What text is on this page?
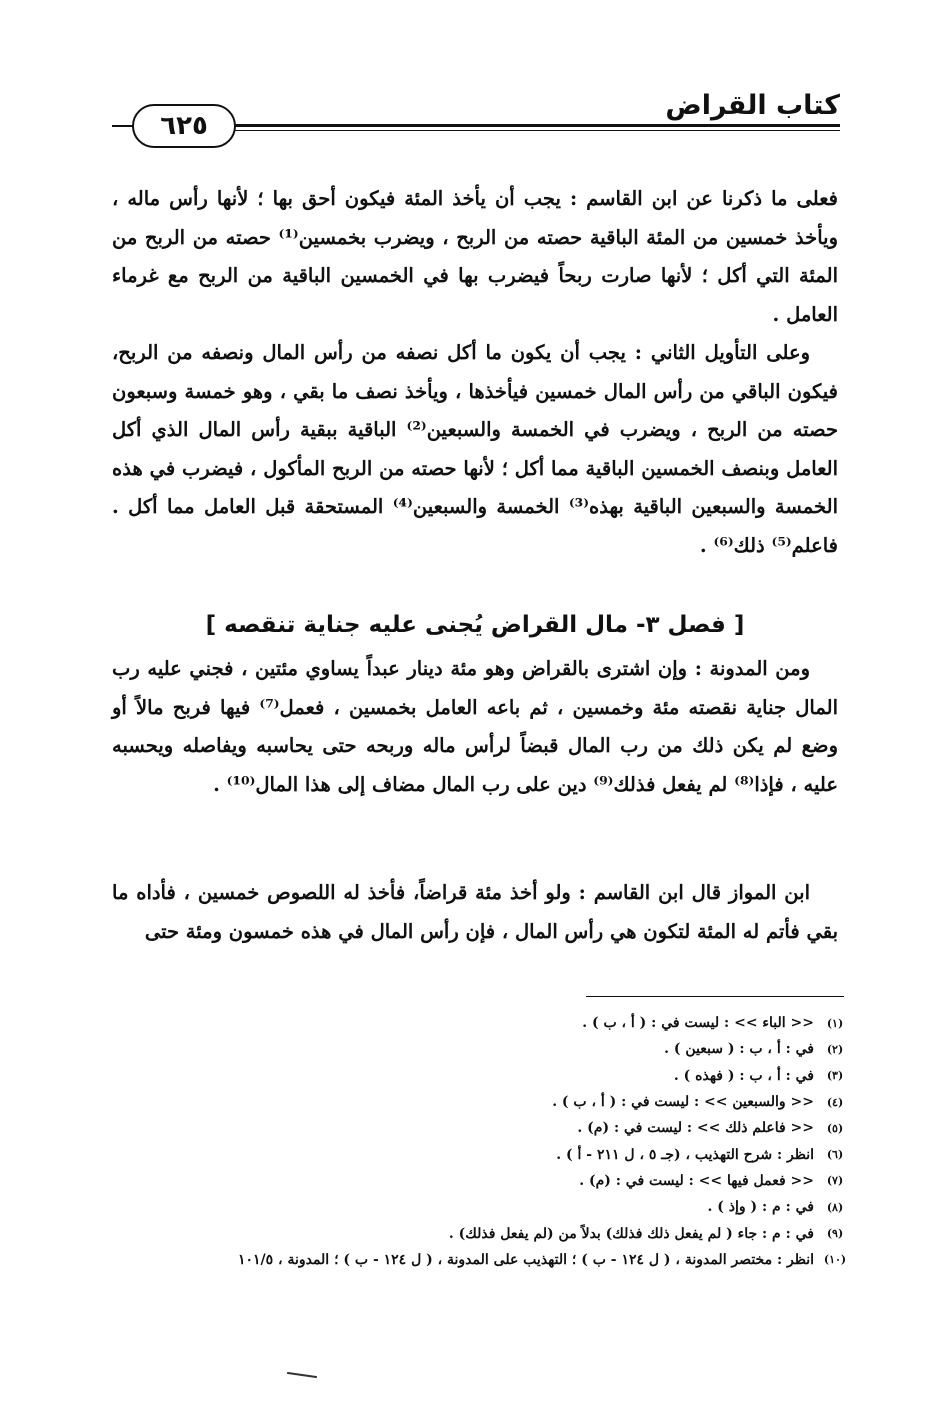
كتاب القراض
٦٢٥

فعلى ما ذكرنا عن ابن القاسم : يجب أن يأخذ المئة فيكون أحق بها ؛ لأنها رأس ماله ، ويأخذ خمسين من المئة الباقية حصته من الربح ، ويضرب بخمسين⁽¹⁾ حصته من الربح من المئة التي أكل ؛ لأنها صارت ربحاً فيضرب بها في الخمسين الباقية من الربح مع غرماء العامل .

وعلى التأويل الثاني : يجب أن يكون ما أكل نصفه من رأس المال ونصفه من الربح، فيكون الباقي من رأس المال خمسين فيأخذها ، ويأخذ نصف ما بقي ، وهو خمسة وسبعون حصته من الربح ، ويضرب في الخمسة والسبعين⁽²⁾ الباقية ببقية رأس المال الذي أكل العامل وبنصف الخمسين الباقية مما أكل ؛ لأنها حصته من الربح المأكول ، فيضرب في هذه الخمسة والسبعين الباقية بهذه⁽³⁾ الخمسة والسبعين⁽⁴⁾ المستحقة قبل العامل مما أكل . فاعلم⁽⁵⁾ ذلك⁽⁶⁾ .

[ فصل ٣- مال القراض يُجنى عليه جناية تنقصه ]

ومن المدونة : وإن اشترى بالقراض وهو مئة دينار عبداً يساوي مئتين ، فجني عليه رب المال جناية نقصته مئة وخمسين ، ثم باعه العامل بخمسين ، فعمل⁽⁷⁾ فيها فربح مالاً أو وضع لم يكن ذلك من رب المال قبضاً لرأس ماله وربحه حتى يحاسبه ويفاصله ويحسبه عليه ، فإذا⁽⁸⁾ لم يفعل فذلك⁽⁹⁾ دين على رب المال مضاف إلى هذا المال⁽¹⁰⁾ .

ابن المواز قال ابن القاسم : ولو أخذ مئة قراضاً، فأخذ له اللصوص خمسين ، فأداه ما بقي فأتم له المئة لتكون هي رأس المال ، فإن رأس المال في هذه خمسون ومئة حتى

(١)
<< الباء >> : ليست في : ( أ ، ب ) .
(٢)
في : أ ، ب : ( سبعين ) .
(٣)
في : أ ، ب : ( فهذه ) .
(٤)
<< والسبعين >> : ليست في : ( أ ، ب ) .
(٥)
<< فاعلم ذلك >> : ليست في : (م) .
(٦)
انظر : شرح التهذيب ، (جـ ٥ ، ل ٢١١ - أ ) .
(٧)
<< فعمل فيها >> : ليست في : (م) .
(٨)
في : م : ( وإذ ) .
(٩)
في : م : جاء ( لم يفعل ذلك فذلك) بدلاً من (لم يفعل فذلك) .
(١٠)
انظر : مختصر المدونة ، ( ل ١٢٤ - ب ) ؛ التهذيب على المدونة ، ( ل ١٢٤ - ب ) ؛ المدونة ، ١٠١/٥
